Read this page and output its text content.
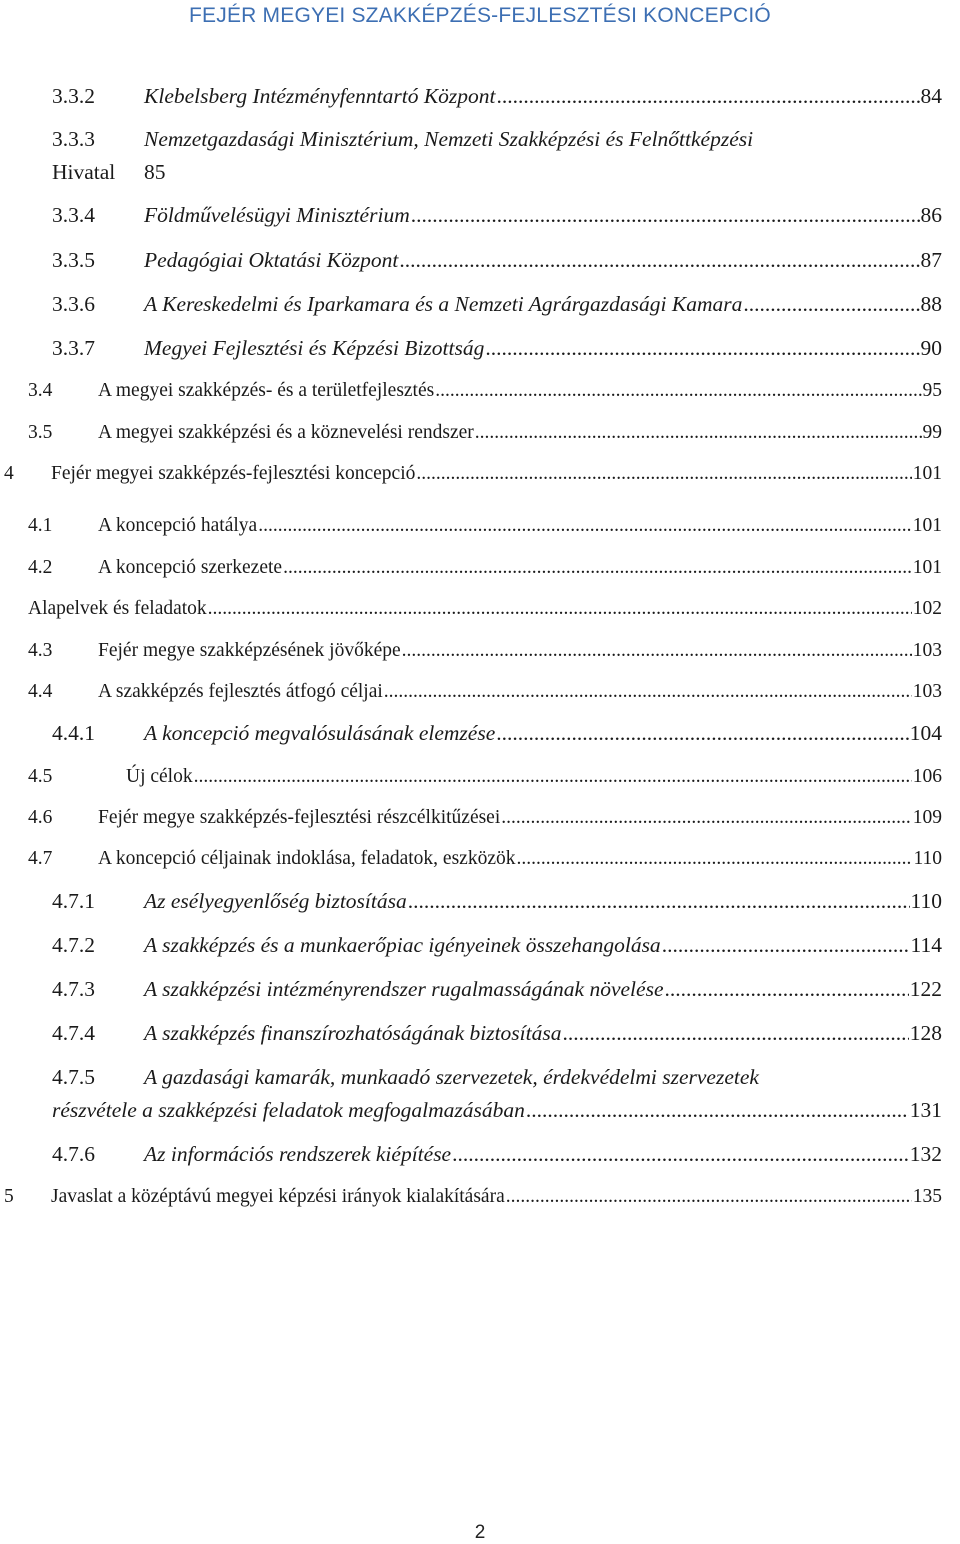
FEJÉR MEGYEI SZAKKÉPZÉS-FEJLESZTÉSI KONCEPCIÓ
3.3.2	Klebelsberg Intézményfenntartó Központ .....	84
3.3.3	Nemzetgazdasági Minisztérium, Nemzeti Szakképzési és Felnőttképzési
Hivatal 85
3.3.4	Földművelésügyi Minisztérium .....	86
3.3.5	Pedagógiai Oktatási Központ .....	87
3.3.6	A Kereskedelmi és Iparkamara és a Nemzeti Agrárgazdasági Kamara .....	88
3.3.7	Megyei Fejlesztési és Képzési Bizottság .....	90
3.4	A megyei szakképzés- és a területfejlesztés .....	95
3.5	A megyei szakképzési és a köznevelési rendszer .....	99
4	Fejér megyei szakképzés-fejlesztési koncepció .....	101
4.1	A koncepció hatálya .....	101
4.2	A koncepció szerkezete .....	101
Alapelvek és feladatok .....	102
4.3	Fejér megye szakképzésének jövőképe .....	103
4.4	A szakképzés fejlesztés átfogó céljai .....	103
4.4.1	A koncepció megvalósulásának elemzése .....	104
4.5	Új célok .....	106
4.6	Fejér megye szakképzés-fejlesztési részcélkitűzései .....	109
4.7	A koncepció céljainak indoklása, feladatok, eszközök .....	110
4.7.1	Az esélyegyenlőség biztosítása .....	110
4.7.2	A szakképzés és a munkaerőpiac igényeinek összehangolása .....	114
4.7.3	A szakképzési intézményrendszer rugalmasságának növelése .....	122
4.7.4	A szakképzés finanszírozhatóságának biztosítása .....	128
4.7.5	A gazdasági kamarák, munkaadó szervezetek, érdekvédelmi szervezetek
részvétele a szakképzési feladatok megfogalmazásában .....	131
4.7.6	Az információs rendszerek kiépítése .....	132
5	Javaslat a középtávú megyei képzési irányok kialakítására .....	135
2
